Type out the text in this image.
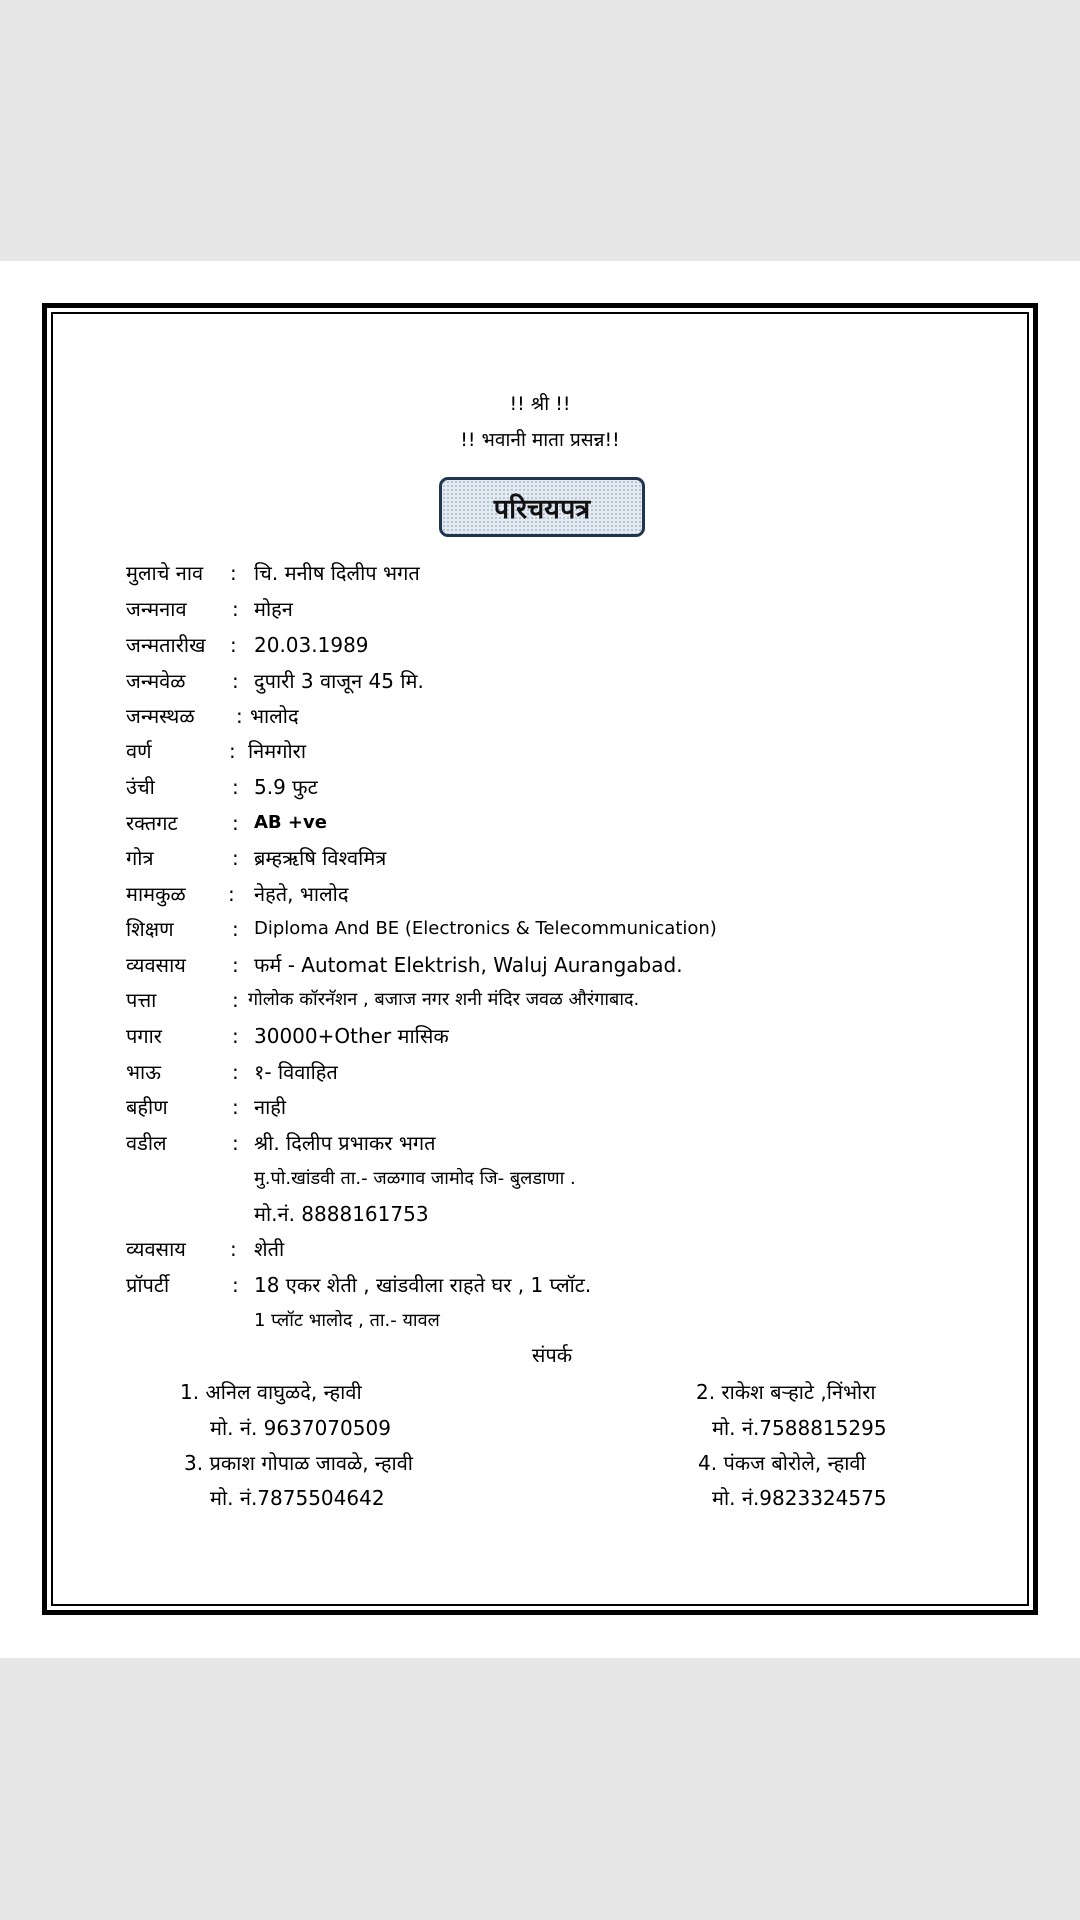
!! श्री !!
!! भवानी माता प्रसन्न!!
परिचयपत्र
मुलाचे नाव : चि. मनीष दिलीप भगत
जन्मनाव : मोहन
जन्मतारीख : 20.03.1989
जन्मवेळ : दुपारी 3 वाजून 45 मि.
जन्मस्थळ : भालोद
वर्ण	: निमगोरा
उंची	: 5.9 फुट
रक्तगट	: AB +ve
गोत्र	: ब्रम्हऋषि विश्वमित्र
मामकुळ : नेहते, भालोद
शिक्षण	: Diploma And BE (Electronics & Telecommunication)
व्यवसाय : फर्म - Automat Elektrish, Waluj Aurangabad.
पत्ता	: गोलोक कॉरनॅशन , बजाज नगर शनी मंदिर जवळ औरंगाबाद.
पगार	: 30000+Other मासिक
भाऊ	: १- विवाहित
बहीण	: नाही
वडील	: श्री. दिलीप प्रभाकर भगत
मु.पो.खांडवी ता.- जळगाव जामोद जि- बुलडाणा .
मो.नं. 8888161753
व्यवसाय : शेती
प्रॉपर्टी	: 18 एकर शेती , खांडवीला राहते घर , 1 प्लॉट.
1 प्लॉट भालोद , ता.- यावल
संपर्क
1. अनिल वाघुळदे, न्हावी
मो. नं. 9637070509
2. राकेश बऱ्हाटे ,निंभोरा
मो. नं.7588815295
3. प्रकाश गोपाळ जावळे, न्हावी
मो. नं.7875504642
4. पंकज बोरोले, न्हावी
मो. नं.9823324575
